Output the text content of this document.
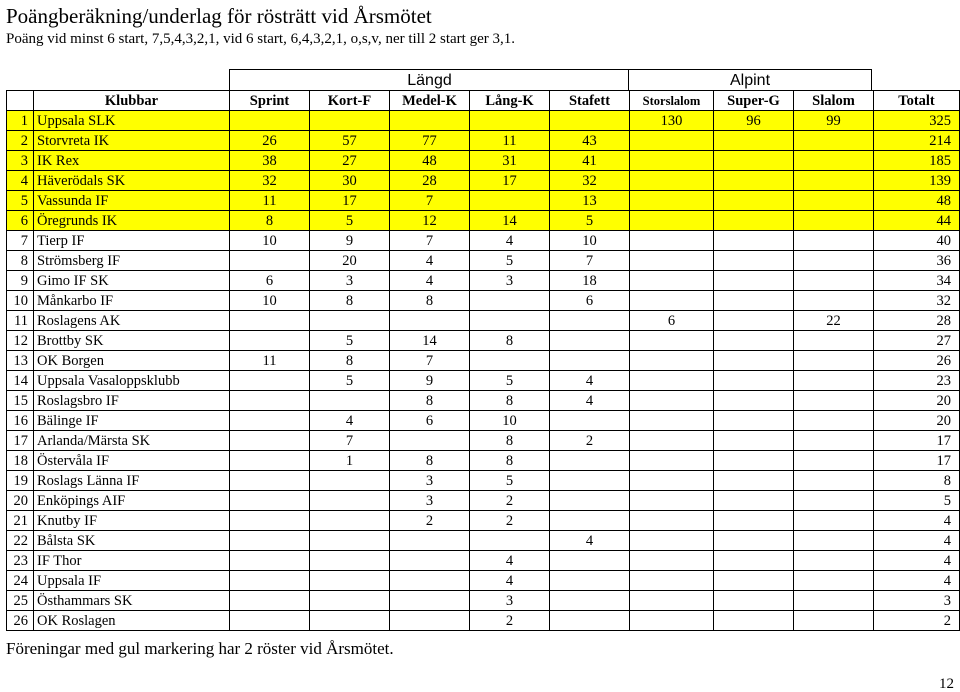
Poängberäkning/underlag för rösträtt vid Årsmötet
Poäng vid minst 6 start, 7,5,4,3,2,1, vid 6 start, 6,4,3,2,1, o,s,v, ner till 2 start ger 3,1.
Längd	Alpint
	Klubbar	Sprint	Kort-F	Medel-K	Lång-K	Stafett	Storslalom	Super-G	Slalom	Totalt
1	Uppsala SLK						130	96	99	325
2	Storvreta IK	26	57	77	11	43				214
3	IK Rex	38	27	48	31	41				185
4	Häverödals SK	32	30	28	17	32				139
5	Vassunda IF	11	17	7		13				48
6	Öregrunds IK	8	5	12	14	5				44
7	Tierp IF	10	9	7	4	10				40
8	Strömsberg IF		20	4	5	7				36
9	Gimo IF SK	6	3	4	3	18				34
10	Månkarbo IF	10	8	8		6				32
11	Roslagens AK						6		22	28
12	Brottby SK		5	14	8					27
13	OK Borgen	11	8	7						26
14	Uppsala Vasaloppsklubb		5	9	5	4				23
15	Roslagsbro IF			8	8	4				20
16	Bälinge IF		4	6	10					20
17	Arlanda/Märsta SK		7		8	2				17
18	Östervåla IF		1	8	8					17
19	Roslags Länna IF			3	5					8
20	Enköpings AIF			3	2					5
21	Knutby IF			2	2					4
22	Bålsta SK					4				4
23	IF Thor				4					4
24	Uppsala IF				4					4
25	Östhammars SK				3					3
26	OK Roslagen				2					2
Föreningar med gul markering har 2 röster vid Årsmötet.
12
